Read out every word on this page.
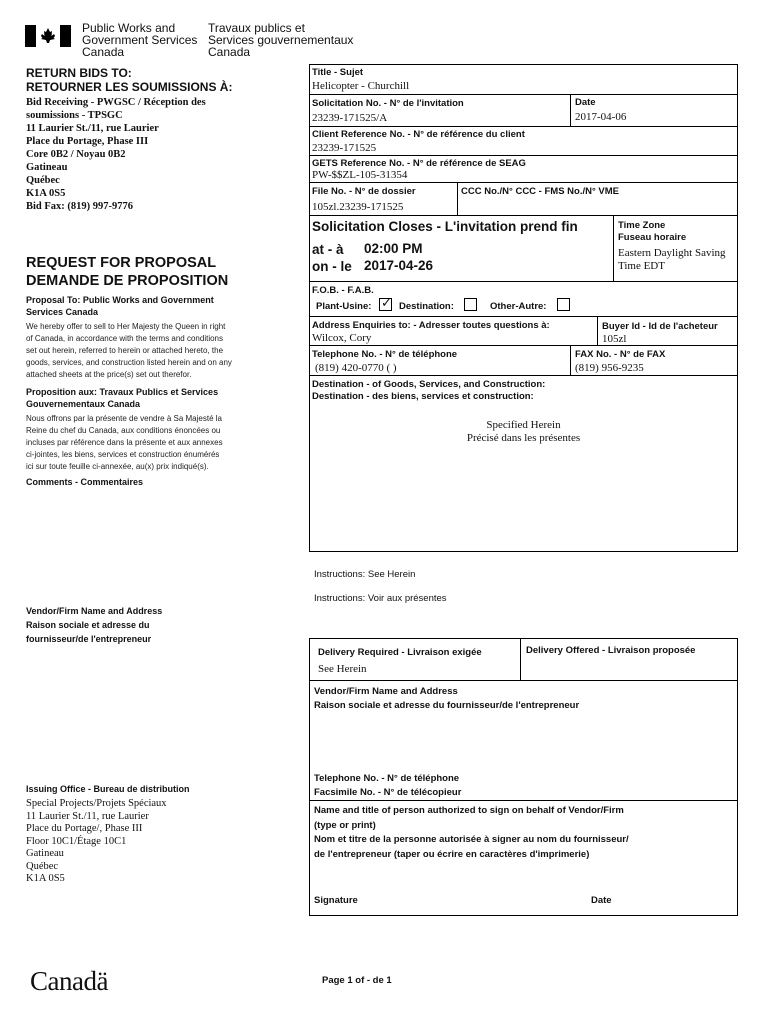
Public Works and
Government Services
Canada
Travaux publics et
Services gouvernementaux
Canada
RETURN BIDS TO:
RETOURNER LES SOUMISSIONS À:
Bid Receiving - PWGSC / Réception des
soumissions - TPSGC
11 Laurier St./11, rue Laurier
Place du Portage, Phase III
Core 0B2 / Noyau 0B2
Gatineau
Québec
K1A 0S5
Bid Fax: (819) 997-9776
REQUEST FOR PROPOSAL
DEMANDE DE PROPOSITION
Proposal To: Public Works and Government
Services Canada
We hereby offer to sell to Her Majesty the Queen in right
of Canada, in accordance with the terms and conditions
set out herein, referred to herein or attached hereto, the
goods, services, and construction listed herein and on any
attached sheets at the price(s) set out therefor.
Proposition aux: Travaux Publics et Services
Gouvernementaux Canada
Nous offrons par la présente de vendre à Sa Majesté la
Reine du chef du Canada, aux conditions énoncées ou
incluses par référence dans la présente et aux annexes
ci-jointes, les biens, services et construction énumérés
ici sur toute feuille ci-annexée, au(x) prix indiqué(s).
Comments - Commentaires
Vendor/Firm Name and Address
Raison sociale et adresse du
fournisseur/de l'entrepreneur
Issuing Office - Bureau de distribution
Special Projects/Projets Spéciaux
11 Laurier St./11, rue Laurier
Place du Portage/, Phase III
Floor 10C1/Étage 10C1
Gatineau
Québec
K1A 0S5
Title - Sujet
Helicopter - Churchill
Solicitation No. - N° de l'invitation
23239-171525/A
Date
2017-04-06
Client Reference No. - N° de référence du client
23239-171525
GETS Reference No. - N° de référence de SEAG
PW-$$ZL-105-31354
File No. - N° de dossier
105zl.23239-171525
CCC No./N° CCC - FMS No./N° VME
Solicitation Closes - L'invitation prend fin
at - à 02:00 PM
on - le 2017-04-26
Time Zone
Fuseau horaire
Eastern Daylight Saving
Time EDT
F.O.B. - F.A.B.
Plant-Usine: ✓ Destination:	Other-Autre:
Address Enquiries to: - Adresser toutes questions à:
Wilcox, Cory
Buyer Id - Id de l'acheteur
105zl
Telephone No. - N° de téléphone
(819) 420-0770 ( )
FAX No. - N° de FAX
(819) 956-9235
Destination - of Goods, Services, and Construction:
Destination - des biens, services et construction:
Specified Herein
Précisé dans les présentes
Instructions: See Herein
Instructions: Voir aux présentes
Delivery Required - Livraison exigée
See Herein
Delivery Offered - Livraison proposée
Vendor/Firm Name and Address
Raison sociale et adresse du fournisseur/de l'entrepreneur
Telephone No. - N° de téléphone
Facsimile No. - N° de télécopieur
Name and title of person authorized to sign on behalf of Vendor/Firm
(type or print)
Nom et titre de la personne autorisée à signer au nom du fournisseur/
de l'entrepreneur (taper ou écrire en caractères d'imprimerie)
Signature	Date
Canadä	Page 1 of - de 1
